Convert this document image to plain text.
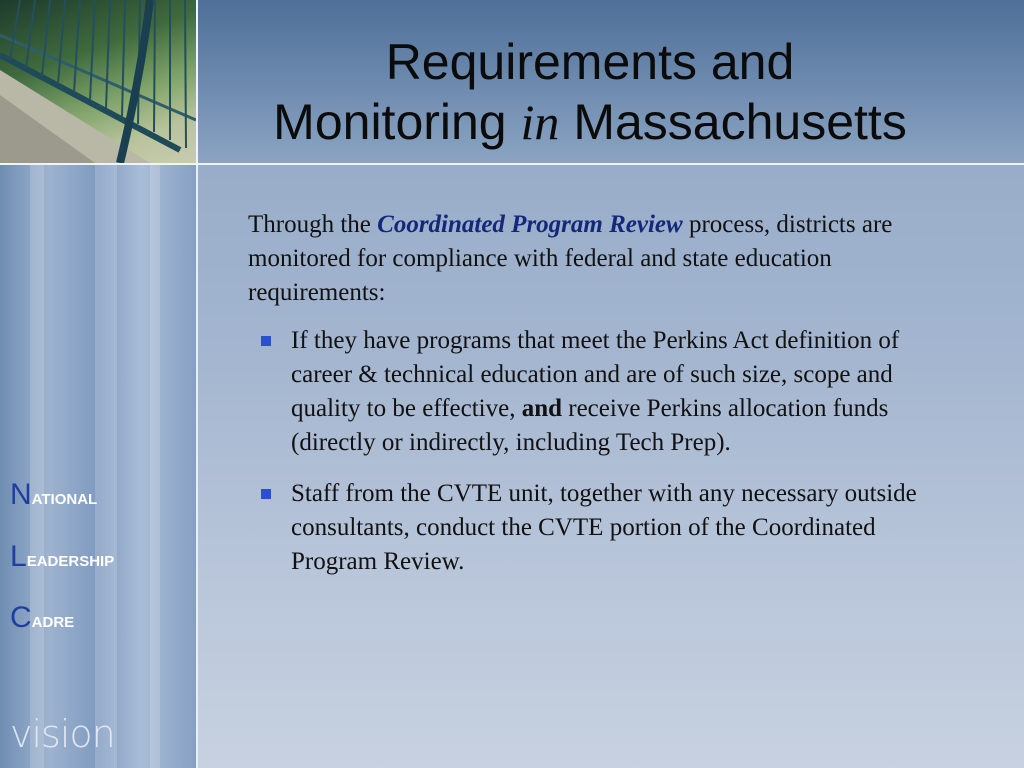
Requirements and
Monitoring in Massachusetts
NATIONAL
LEADERSHIP
CADRE
vision

Through the Coordinated Program Review process, districts are monitored for compliance with federal and state education requirements:

If they have programs that meet the Perkins Act definition of career & technical education and are of such size, scope and quality to be effective, and receive Perkins allocation funds (directly or indirectly, including Tech Prep).
Staff from the CVTE unit, together with any necessary outside consultants, conduct the CVTE portion of the Coordinated Program Review.
